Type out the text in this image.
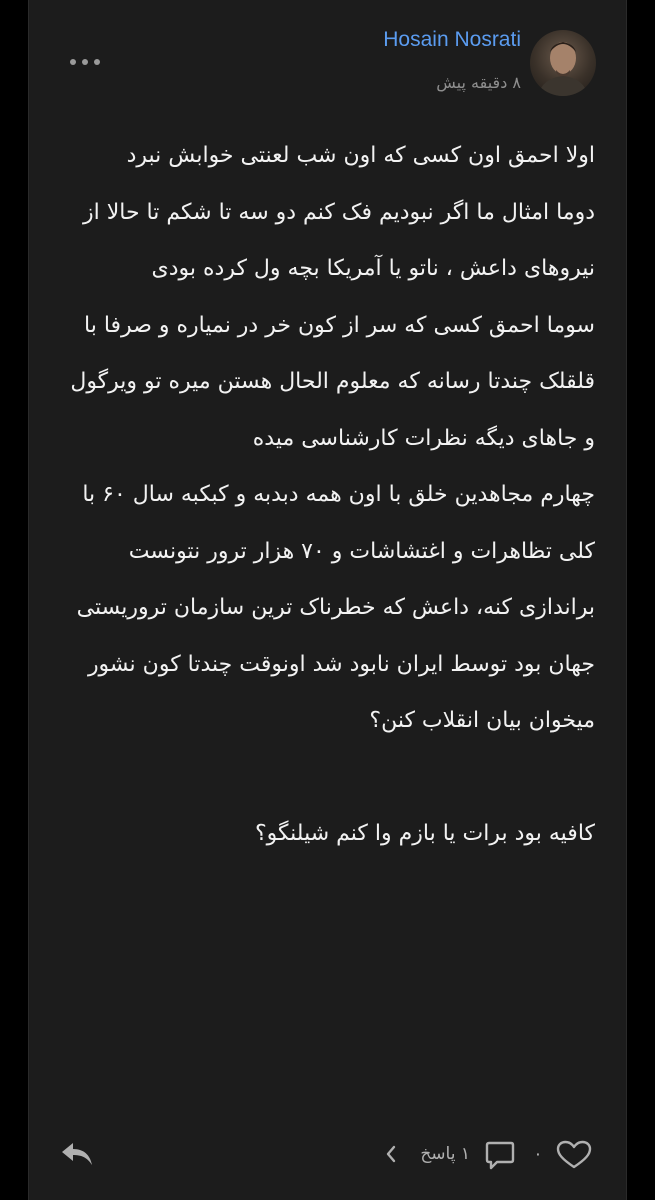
Hosain Nosrati
۸ دقیقه پیش

اولا احمق اون کسی که اون شب لعنتی خوابش نبرد

دوما امثال ما اگر نبودیم فک کنم دو سه تا شکم تا حالا از نیروهای داعش ، ناتو یا آمریکا بچه ول کرده بودی

سوما احمق کسی که سر از کون خر در نمیاره و صرفا با قلقلک چندتا رسانه که معلوم الحال هستن میره تو ویرگول و جاهای دیگه نظرات کارشناسی میده

چهارم مجاهدین خلق با اون همه دبدبه و کبکبه سال ۶۰ با کلی تظاهرات و اغتشاشات و ۷۰ هزار ترور نتونست براندازی کنه، داعش که خطرناک ترین سازمان تروریستی جهان بود توسط ایران نابود شد اونوقت چندتا کون نشور میخوان بیان انقلاب کنن؟

کافیه بود برات یا بازم وا کنم شیلنگو؟

۰
۱ پاسخ
